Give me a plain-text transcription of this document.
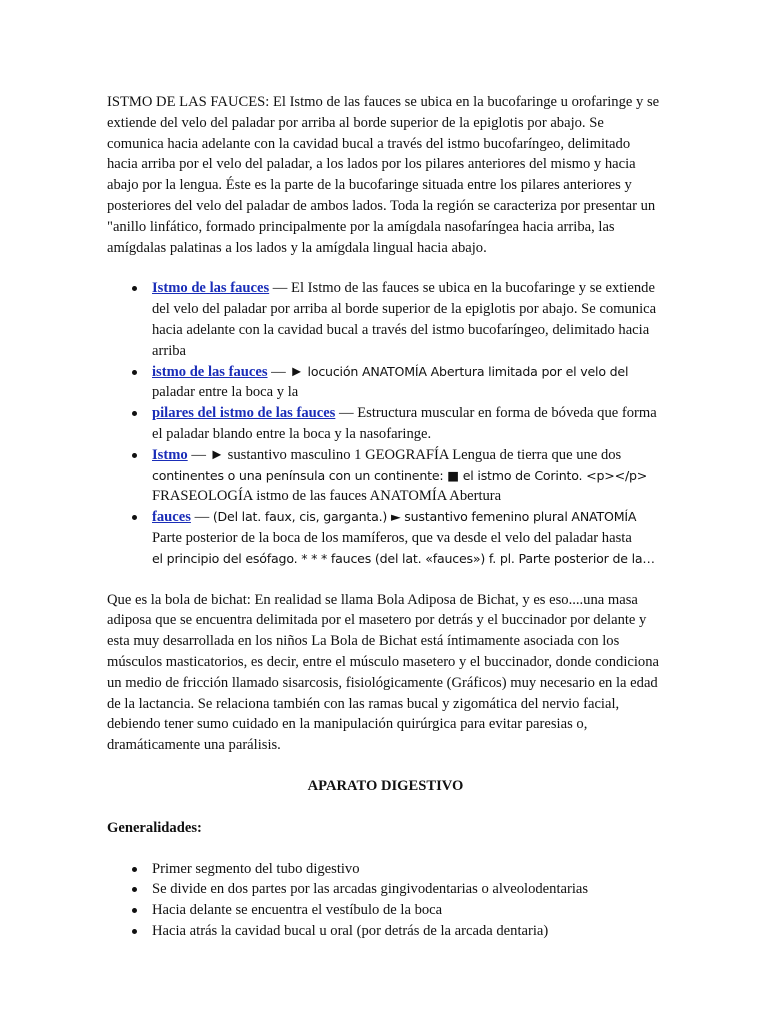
ISTMO DE LAS FAUCES: El Istmo de las fauces se ubica en la bucofaringe u orofaringe y se extiende del velo del paladar por arriba al borde superior de la epiglotis por abajo. Se comunica hacia adelante con la cavidad bucal a través del istmo bucofaríngeo, delimitado hacia arriba por el velo del paladar, a los lados por los pilares anteriores del mismo y hacia abajo por la lengua. Éste es la parte de la bucofaringe situada entre los pilares anteriores y posteriores del velo del paladar de ambos lados. Toda la región se caracteriza por presentar un "anillo linfático, formado principalmente por la amígdala nasofaríngea hacia arriba, las amígdalas palatinas a los lados y la amígdala lingual hacia abajo.

Istmo de las fauces — El Istmo de las fauces se ubica en la bucofaringe y se extiende del velo del paladar por arriba al borde superior de la epiglotis por abajo. Se comunica hacia adelante con la cavidad bucal a través del istmo bucofaríngeo, delimitado hacia arriba
istmo de las fauces — ► locución ANATOMÍA Abertura limitada por el velo del
paladar entre la boca y la
pilares del istmo de las fauces — Estructura muscular en forma de bóveda que forma el paladar blando entre la boca y la nasofaringe.
Istmo — ► sustantivo masculino 1 GEOGRAFÍA Lengua de tierra que une dos
continentes o una península con un continente: ■ el istmo de Corinto. <p></p>
FRASEOLOGÍA istmo de las fauces ANATOMÍA Abertura
fauces — (Del lat. faux, cis, garganta.) ► sustantivo femenino plural ANATOMÍA
Parte posterior de la boca de los mamíferos, que va desde el velo del paladar hasta
el principio del esófago. * * * fauces (del lat. «fauces») f. pl. Parte posterior de la…

Que es la bola de bichat: En realidad se llama Bola Adiposa de Bichat, y es eso....una masa adiposa que se encuentra delimitada por el masetero por detrás y el buccinador por delante y esta muy desarrollada en los niños La Bola de Bichat está íntimamente asociada con los músculos masticatorios, es decir, entre el músculo masetero y el buccinador, donde condiciona un medio de fricción llamado sisarcosis, fisiológicamente (Gráficos) muy necesario en la edad de la lactancia. Se relaciona también con las ramas bucal y zigomática del nervio facial, debiendo tener sumo cuidado en la manipulación quirúrgica para evitar paresias o, dramáticamente una parálisis.

APARATO DIGESTIVO

Generalidades:

Primer segmento del tubo digestivo
Se divide en dos partes por las arcadas gingivodentarias o alveolodentarias
Hacia delante se encuentra el vestíbulo de la boca
Hacia atrás la cavidad bucal u oral (por detrás de la arcada dentaria)
